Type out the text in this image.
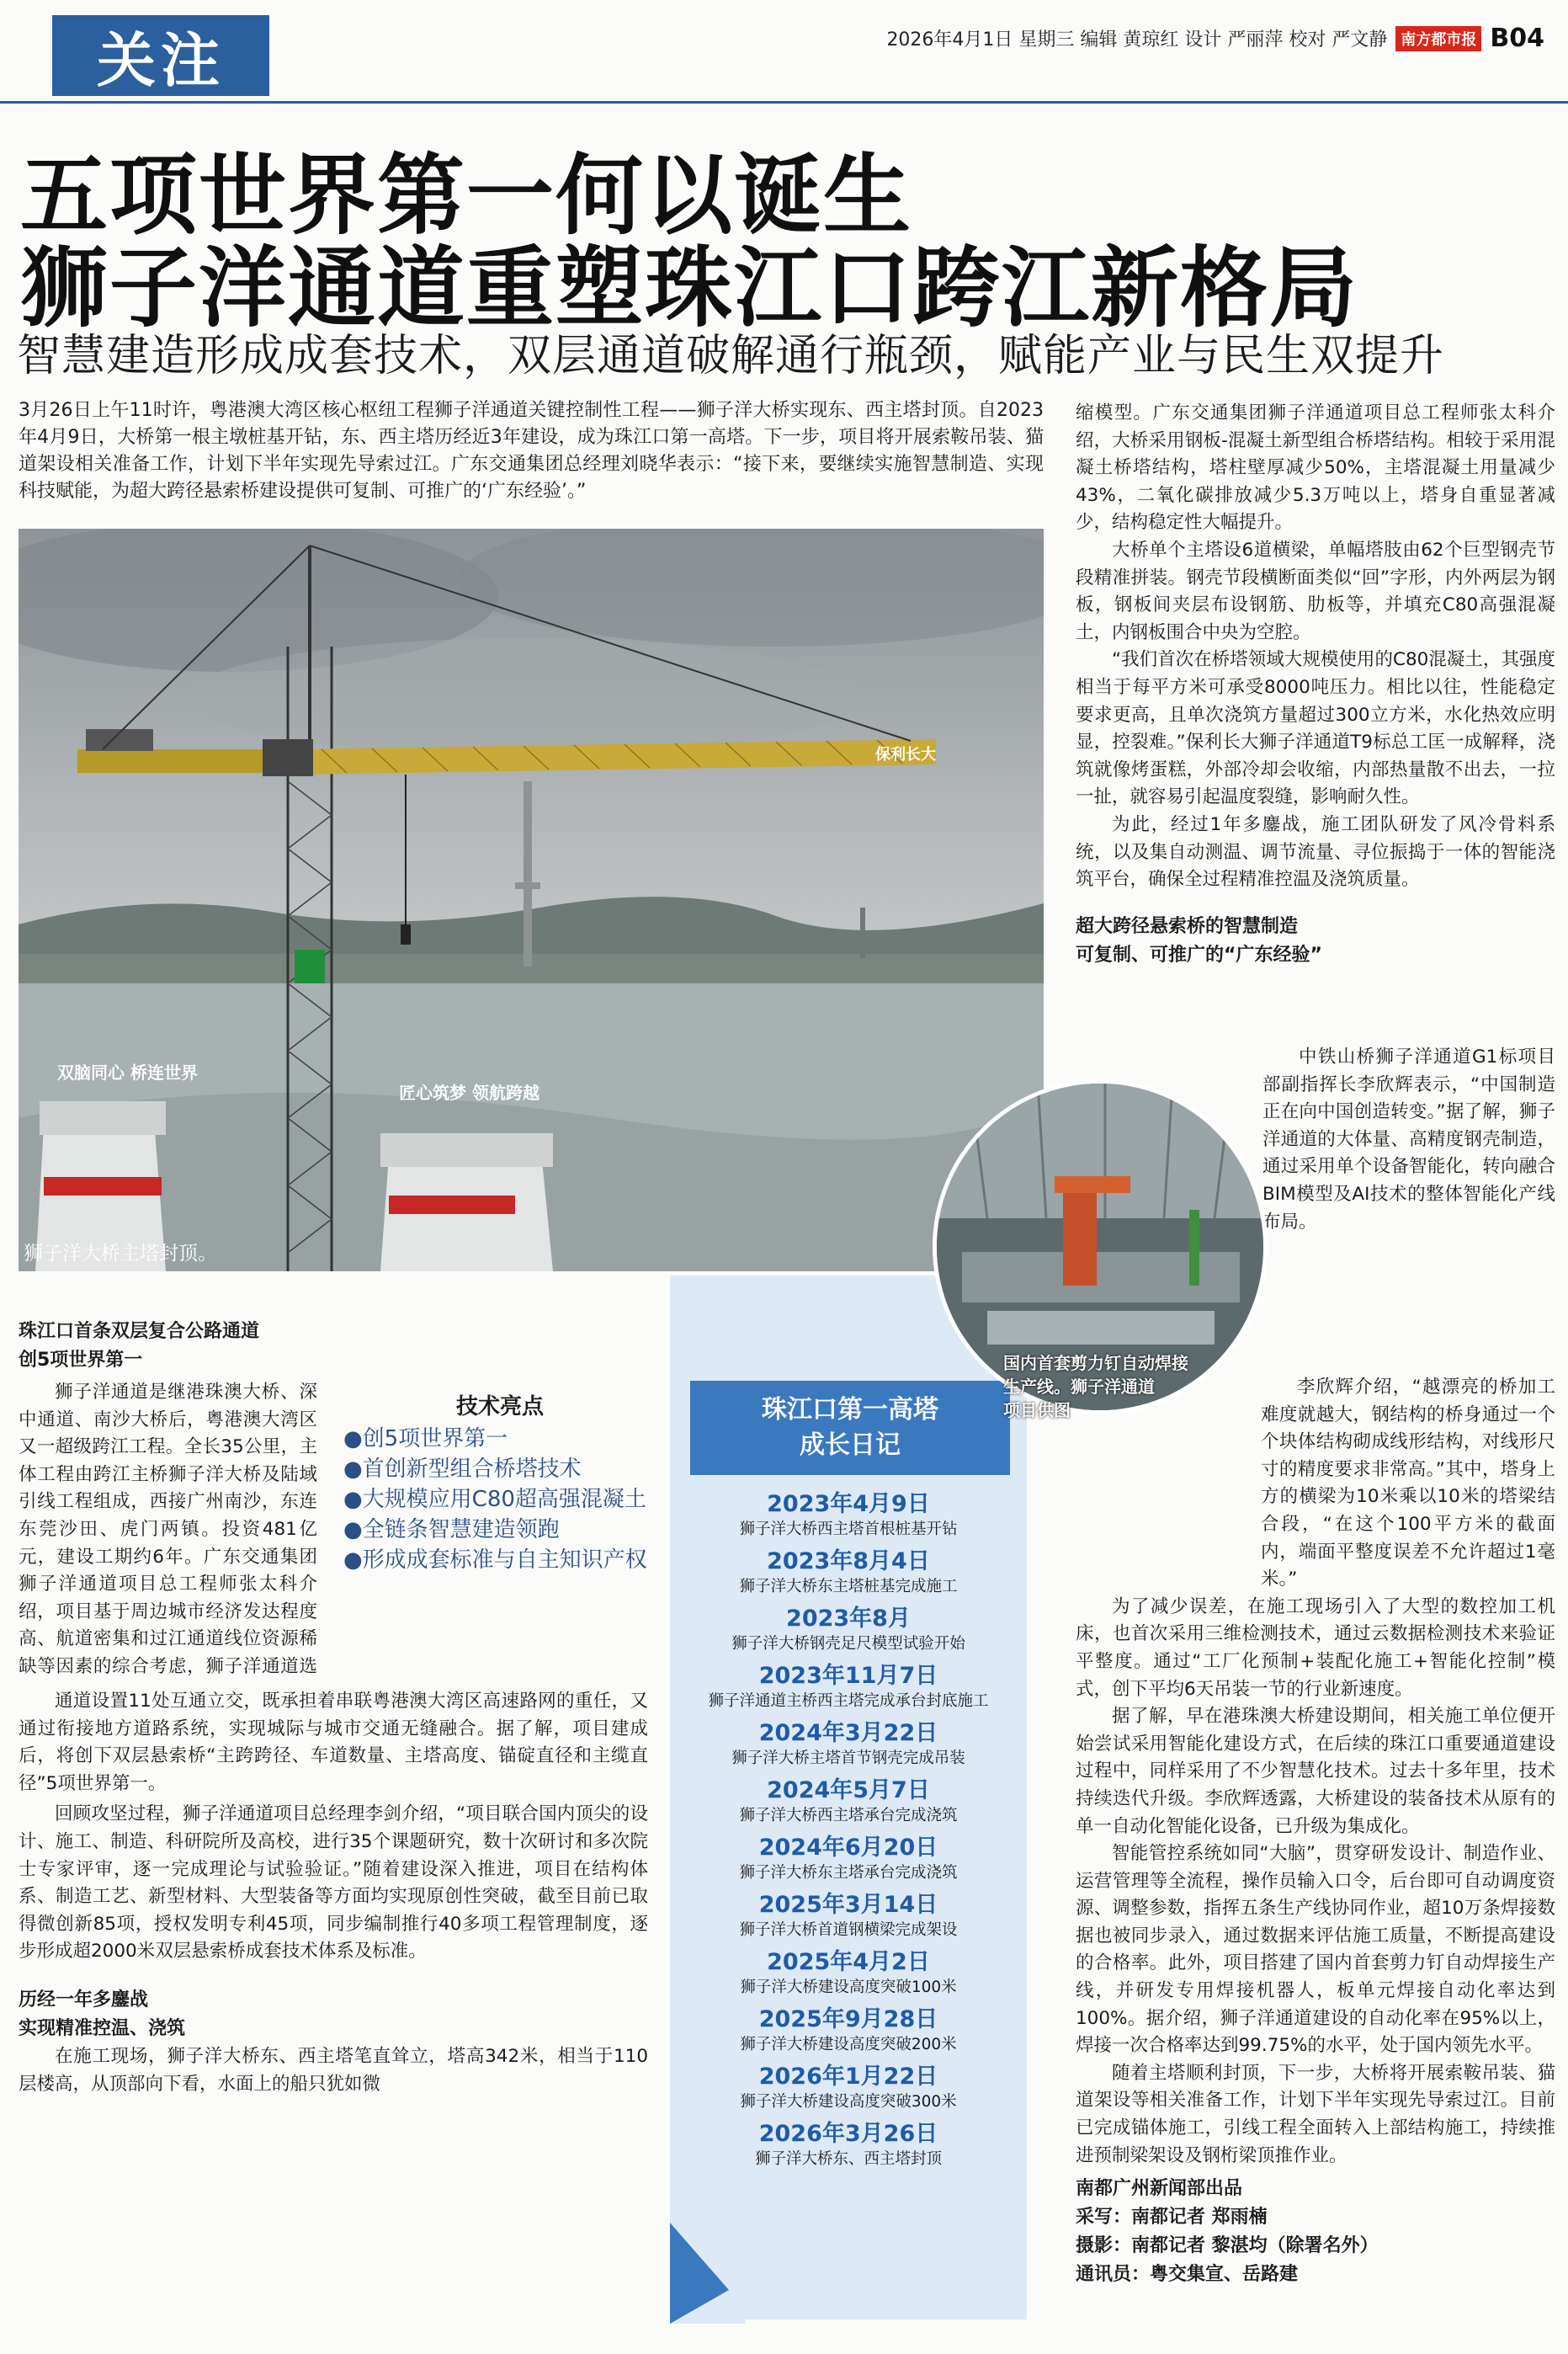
关注	2026年4月1日 星期三 编辑 黄琼红 设计 严丽萍 校对 严文静 南方都市报 B04
五项世界第一何以诞生
狮子洋通道重塑珠江口跨江新格局
智慧建造形成成套技术，双层通道破解通行瓶颈，赋能产业与民生双提升
3月26日上午11时许，粤港澳大湾区核心枢纽工程狮子洋通道关键控制性工程——狮子洋大桥实现东、西主塔封顶。自2023年4月9日，大桥第一根主墩桩基开钻，东、西主塔历经近3年建设，成为珠江口第一高塔。下一步，项目将开展索鞍吊装、猫道架设相关准备工作，计划下半年实现先导索过江。广东交通集团总经理刘晓华表示：“接下来，要继续实施智慧制造、实现科技赋能，为超大跨径悬索桥建设提供可复制、可推广的‘广东经验’。”
双脑同心 桥连世界
匠心筑梦 领航跨越
保利长大
狮子洋大桥主塔封顶。

珠江口首条双层复合公路通道

创5项世界第一

狮子洋通道是继港珠澳大桥、深中通道、南沙大桥后，粤港澳大湾区又一超级跨江工程。全长35公里，主体工程由跨江主桥狮子洋大桥及陆域引线工程组成，西接广州南沙，东连东莞沙田、虎门两镇。投资481亿元，建设工期约6年。广东交通集团狮子洋通道项目总工程师张太科介绍，项目基于周边城市经济发达程度高、航道密集和过江通道线位资源稀缺等因素的综合考虑，狮子洋通道选

通道设置11处互通立交，既承担着串联粤港澳大湾区高速路网的重任，又通过衔接地方道路系统，实现城际与城市交通无缝融合。据了解，项目建成后，将创下双层悬索桥“主跨跨径、车道数量、主塔高度、锚碇直径和主缆直径”5项世界第一。

回顾攻坚过程，狮子洋通道项目总经理李剑介绍，“项目联合国内顶尖的设计、施工、制造、科研院所及高校，进行35个课题研究，数十次研讨和多次院士专家评审，逐一完成理论与试验验证。”随着建设深入推进，项目在结构体系、制造工艺、新型材料、大型装备等方面均实现原创性突破，截至目前已取得微创新85项，授权发明专利45项，同步编制推行40多项工程管理制度，逐步形成超2000米双层悬索桥成套技术体系及标准。

历经一年多鏖战

实现精准控温、浇筑

在施工现场，狮子洋大桥东、西主塔笔直耸立，塔高342米，相当于110层楼高，从顶部向下看，水面上的船只犹如微

技术亮点
●创5项世界第一
●首创新型组合桥塔技术
●大规模应用C80超高强混凝土
●全链条智慧建造领跑
●形成成套标准与自主知识产权
珠江口第一高塔
成长日记
2023年4月9日
狮子洋大桥西主塔首根桩基开钻
2023年8月4日
狮子洋大桥东主塔桩基完成施工
2023年8月
狮子洋大桥钢壳足尺模型试验开始
2023年11月7日
狮子洋通道主桥西主塔完成承台封底施工
2024年3月22日
狮子洋大桥主塔首节钢壳完成吊装
2024年5月7日
狮子洋大桥西主塔承台完成浇筑
2024年6月20日
狮子洋大桥东主塔承台完成浇筑
2025年3月14日
狮子洋大桥首道钢横梁完成架设
2025年4月2日
狮子洋大桥建设高度突破100米
2025年9月28日
狮子洋大桥建设高度突破200米
2026年1月22日
狮子洋大桥建设高度突破300米
2026年3月26日
狮子洋大桥东、西主塔封顶

缩模型。广东交通集团狮子洋通道项目总工程师张太科介绍，大桥采用钢板-混凝土新型组合桥塔结构。相较于采用混凝土桥塔结构，塔柱壁厚减少50%，主塔混凝土用量减少43%，二氧化碳排放减少5.3万吨以上，塔身自重显著减少，结构稳定性大幅提升。

大桥单个主塔设6道横梁，单幅塔肢由62个巨型钢壳节段精准拼装。钢壳节段横断面类似“回”字形，内外两层为钢板，钢板间夹层布设钢筋、肋板等，并填充C80高强混凝土，内钢板围合中央为空腔。

“我们首次在桥塔领域大规模使用的C80混凝土，其强度相当于每平方米可承受8000吨压力。相比以往，性能稳定要求更高，且单次浇筑方量超过300立方米，水化热效应明显，控裂难。”保利长大狮子洋通道T9标总工匡一成解释，浇筑就像烤蛋糕，外部冷却会收缩，内部热量散不出去，一拉一扯，就容易引起温度裂缝，影响耐久性。

为此，经过1年多鏖战，施工团队研发了风冷骨料系统，以及集自动测温、调节流量、寻位振捣于一体的智能浇筑平台，确保全过程精准控温及浇筑质量。

超大跨径悬索桥的智慧制造

可复制、可推广的“广东经验”

中铁山桥狮子洋通道G1标项目部副指挥长李欣辉表示，“中国制造正在向中国创造转变。”据了解，狮子洋通道的大体量、高精度钢壳制造，通过采用单个设备智能化，转向融合BIM模型及AI技术的整体智能化产线布局。

李欣辉介绍，“越漂亮的桥加工难度就越大，钢结构的桥身通过一个个块体结构砌成线形结构，对线形尺寸的精度要求非常高。”其中，塔身上方的横梁为10米乘以10米的塔梁结合段，“在这个100平方米的截面内，端面平整度误差不允许超过1毫米。”

为了减少误差，在施工现场引入了大型的数控加工机床，也首次采用三维检测技术，通过云数据检测技术来验证平整度。通过“工厂化预制+装配化施工+智能化控制”模式，创下平均6天吊装一节的行业新速度。

据了解，早在港珠澳大桥建设期间，相关施工单位便开始尝试采用智能化建设方式，在后续的珠江口重要通道建设过程中，同样采用了不少智慧化技术。过去十多年里，技术持续迭代升级。李欣辉透露，大桥建设的装备技术从原有的单一自动化智能化设备，已升级为集成化。

智能管控系统如同“大脑”，贯穿研发设计、制造作业、运营管理等全流程，操作员输入口令，后台即可自动调度资源、调整参数，指挥五条生产线协同作业，超10万条焊接数据也被同步录入，通过数据来评估施工质量，不断提高建设的合格率。此外，项目搭建了国内首套剪力钉自动焊接生产线，并研发专用焊接机器人，板单元焊接自动化率达到100%。据介绍，狮子洋通道建设的自动化率在95%以上，焊接一次合格率达到99.75%的水平，处于国内领先水平。

随着主塔顺利封顶，下一步，大桥将开展索鞍吊装、猫道架设等相关准备工作，计划下半年实现先导索过江。目前已完成锚体施工，引线工程全面转入上部结构施工，持续推进预制梁架设及钢桁梁顶推作业。

南都广州新闻部出品
采写：南都记者 郑雨楠
摄影：南都记者 黎湛均（除署名外）
通讯员：粤交集宣、岳路建
国内首套剪力钉自动焊接
生产线。狮子洋通道
项目供图
